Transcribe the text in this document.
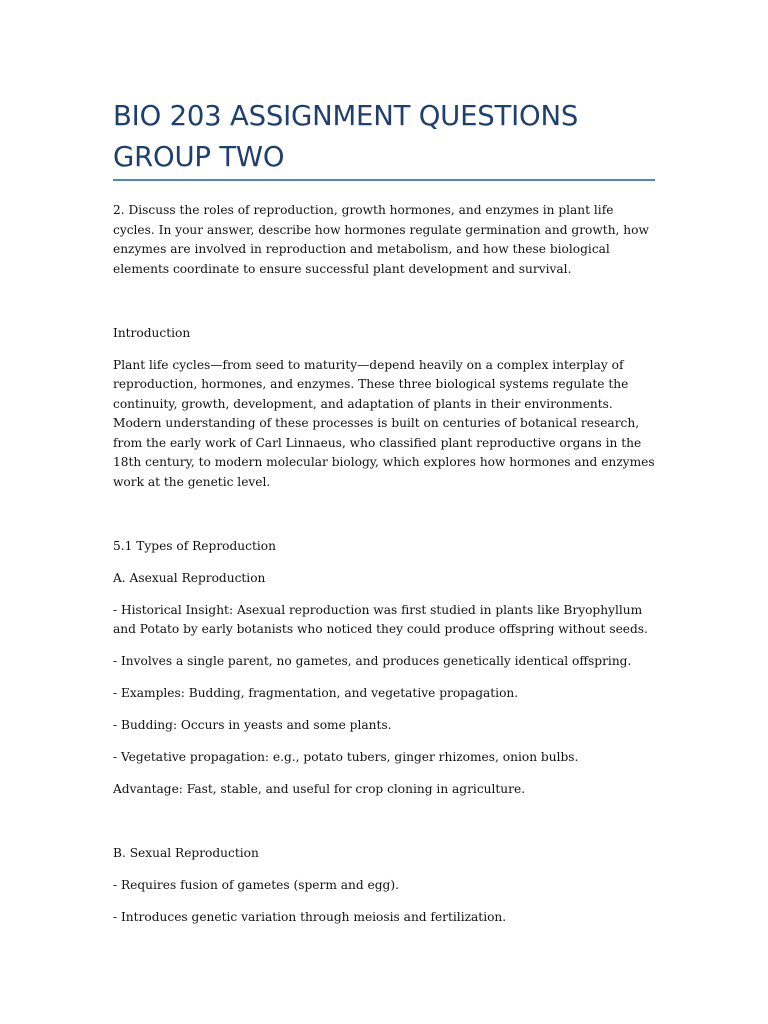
BIO 203 ASSIGNMENT QUESTIONS GROUP TWO

2. Discuss the roles of reproduction, growth hormones, and enzymes in plant life cycles. In your answer, describe how hormones regulate germination and growth, how enzymes are involved in reproduction and metabolism, and how these biological elements coordinate to ensure successful plant development and survival.

Introduction

Plant life cycles—from seed to maturity—depend heavily on a complex interplay of reproduction, hormones, and enzymes. These three biological systems regulate the continuity, growth, development, and adaptation of plants in their environments. Modern understanding of these processes is built on centuries of botanical research, from the early work of Carl Linnaeus, who classified plant reproductive organs in the 18th century, to modern molecular biology, which explores how hormones and enzymes work at the genetic level.

5.1 Types of Reproduction

A. Asexual Reproduction

- Historical Insight: Asexual reproduction was first studied in plants like Bryophyllum and Potato by early botanists who noticed they could produce offspring without seeds.

- Involves a single parent, no gametes, and produces genetically identical offspring.

- Examples: Budding, fragmentation, and vegetative propagation.

- Budding: Occurs in yeasts and some plants.

- Vegetative propagation: e.g., potato tubers, ginger rhizomes, onion bulbs.

Advantage: Fast, stable, and useful for crop cloning in agriculture.

B. Sexual Reproduction

- Requires fusion of gametes (sperm and egg).

- Introduces genetic variation through meiosis and fertilization.
